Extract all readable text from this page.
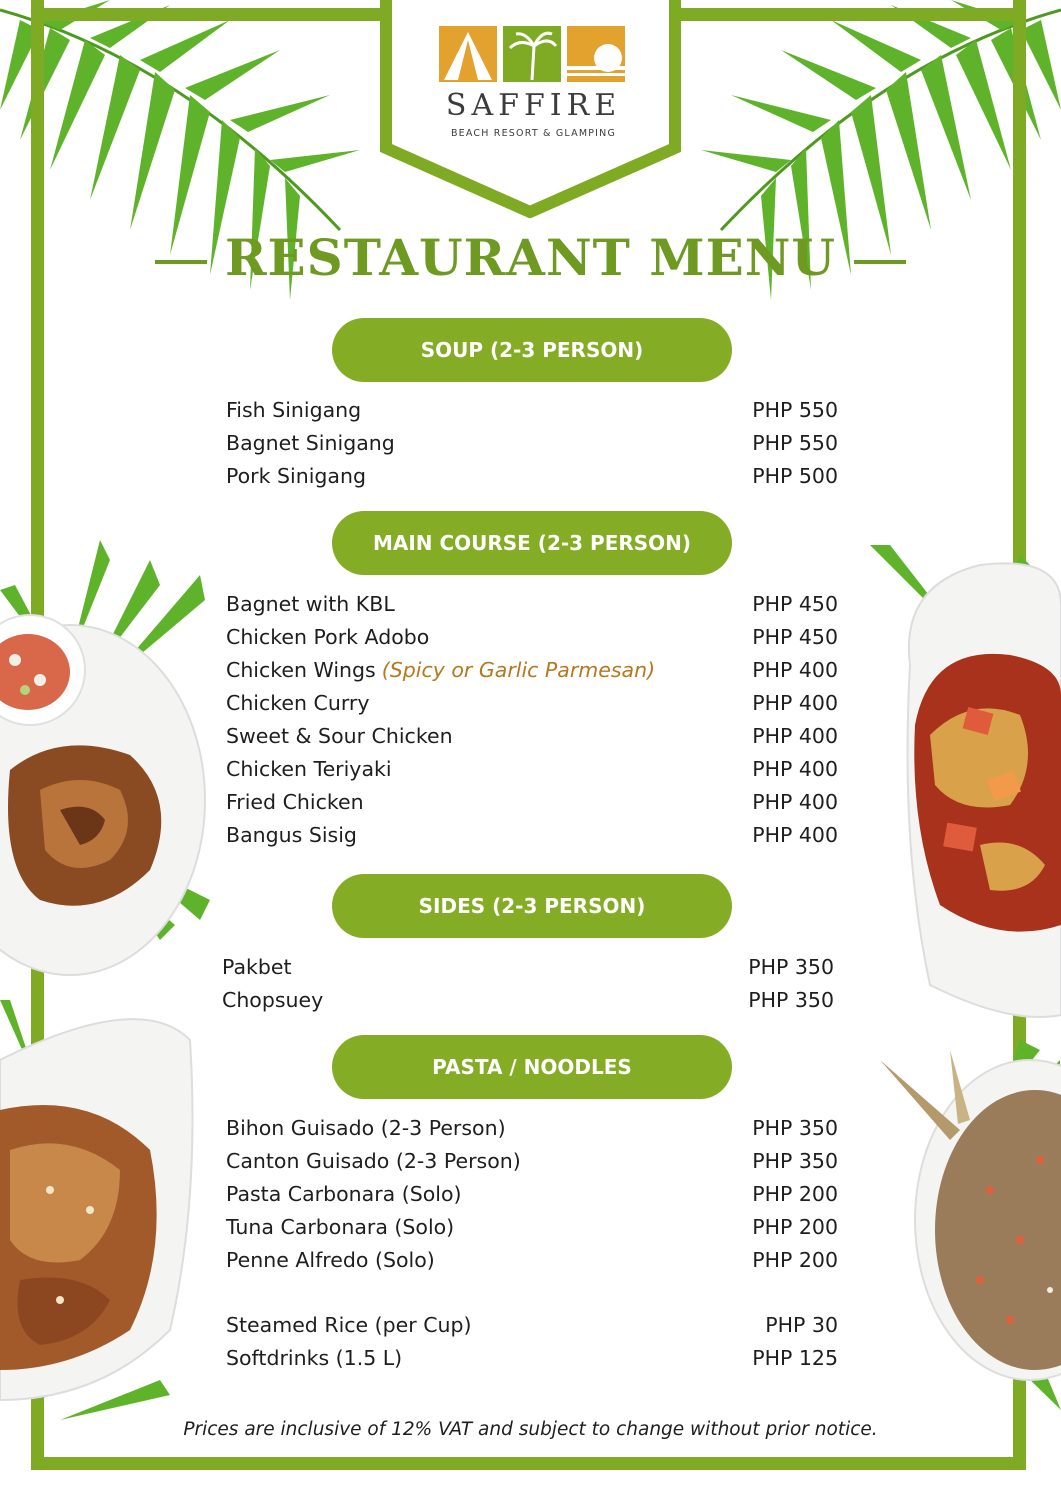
SAFFIRE
BEACH RESORT & GLAMPING
RESTAURANT MENU
SOUP (2-3 PERSON)
Fish Sinigang	PHP 550
Bagnet Sinigang	PHP 550
Pork Sinigang	PHP 500
MAIN COURSE (2-3 PERSON)
Bagnet with KBL	PHP 450
Chicken Pork Adobo	PHP 450
Chicken Wings (Spicy or Garlic Parmesan)	PHP 400
Chicken Curry	PHP 400
Sweet & Sour Chicken	PHP 400
Chicken Teriyaki	PHP 400
Fried Chicken	PHP 400
Bangus Sisig	PHP 400
SIDES (2-3 PERSON)
Pakbet	PHP 350
Chopsuey	PHP 350
PASTA / NOODLES
Bihon Guisado (2-3 Person)	PHP 350
Canton Guisado (2-3 Person)	PHP 350
Pasta Carbonara (Solo)	PHP 200
Tuna Carbonara (Solo)	PHP 200
Penne Alfredo (Solo)	PHP 200
Steamed Rice (per Cup)	PHP 30
Softdrinks (1.5 L)	PHP 125
Prices are inclusive of 12% VAT and subject to change without prior notice.
